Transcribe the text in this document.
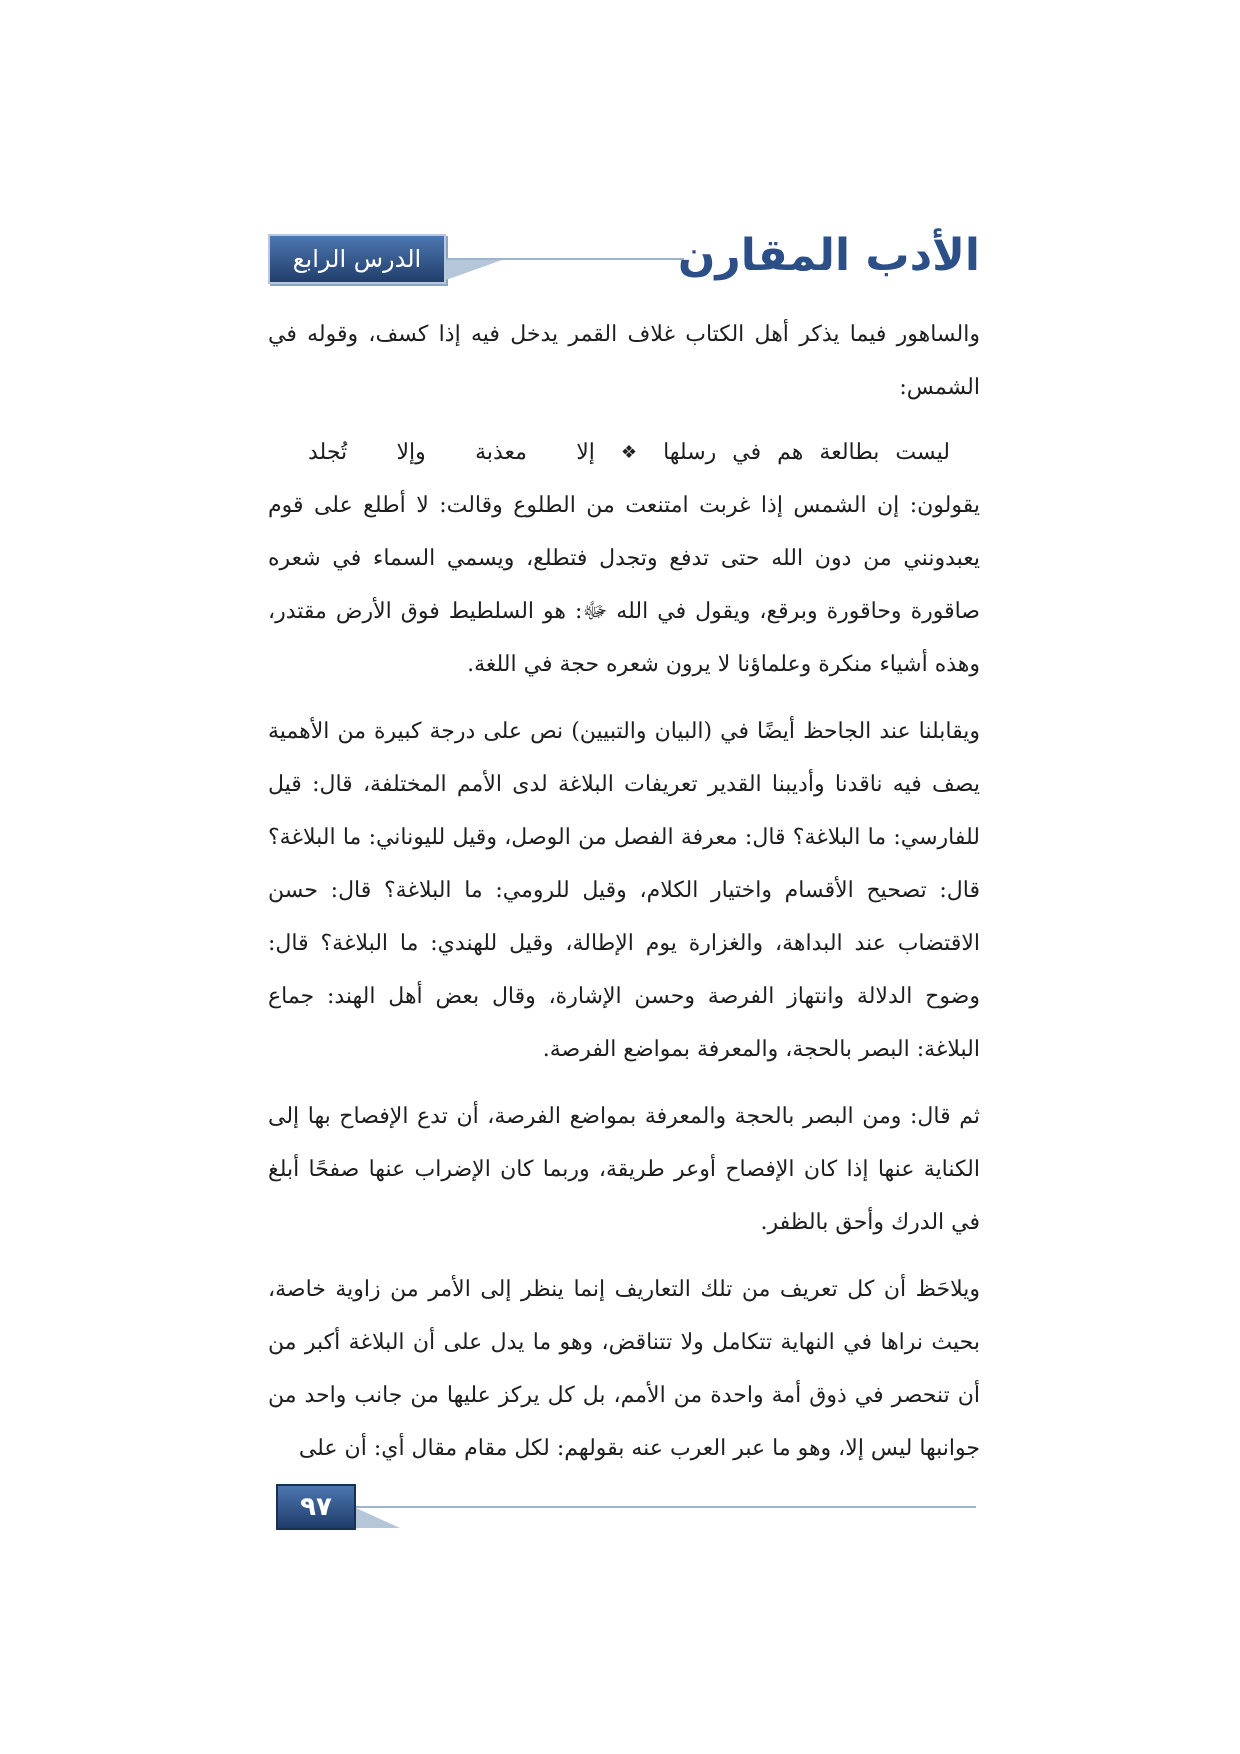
الدرس الرابع	الأدب المقارن

والساهور فيما يذكر أهل الكتاب غلاف القمر يدخل فيه إذا كسف، وقوله في الشمس:

ليست
بطالعة
هم
في
رسلها
❖
إلا
معذبة
وإلا
تُجلد

يقولون: إن الشمس إذا غربت امتنعت من الطلوع وقالت: لا أطلع على قوم يعبدونني من دون الله حتى تدفع وتجدل فتطلع، ويسمي السماء في شعره صاقورة وحاقورة وبرقع، ويقول في الله ﷻ: هو السلطيط فوق الأرض مقتدر، وهذه أشياء منكرة وعلماؤنا لا يرون شعره حجة في اللغة.

ويقابلنا عند الجاحظ أيضًا في (البيان والتبيين) نص على درجة كبيرة من الأهمية يصف فيه ناقدنا وأديبنا القدير تعريفات البلاغة لدى الأمم المختلفة، قال: قيل للفارسي: ما البلاغة؟ قال: معرفة الفصل من الوصل، وقيل لليوناني: ما البلاغة؟ قال: تصحيح الأقسام واختيار الكلام، وقيل للرومي: ما البلاغة؟ قال: حسن الاقتضاب عند البداهة، والغزارة يوم الإطالة، وقيل للهندي: ما البلاغة؟ قال: وضوح الدلالة وانتهاز الفرصة وحسن الإشارة، وقال بعض أهل الهند: جماع البلاغة: البصر بالحجة، والمعرفة بمواضع الفرصة.

ثم قال: ومن البصر بالحجة والمعرفة بمواضع الفرصة، أن تدع الإفصاح بها إلى الكناية عنها إذا كان الإفصاح أوعر طريقة، وربما كان الإضراب عنها صفحًا أبلغ في الدرك وأحق بالظفر.

ويلاحَظ أن كل تعريف من تلك التعاريف إنما ينظر إلى الأمر من زاوية خاصة، بحيث نراها في النهاية تتكامل ولا تتناقض، وهو ما يدل على أن البلاغة أكبر من أن تنحصر في ذوق أمة واحدة من الأمم، بل كل يركز عليها من جانب واحد من جوانبها ليس إلا، وهو ما عبر العرب عنه بقولهم: لكل مقام مقال أي: أن على

٩٧
